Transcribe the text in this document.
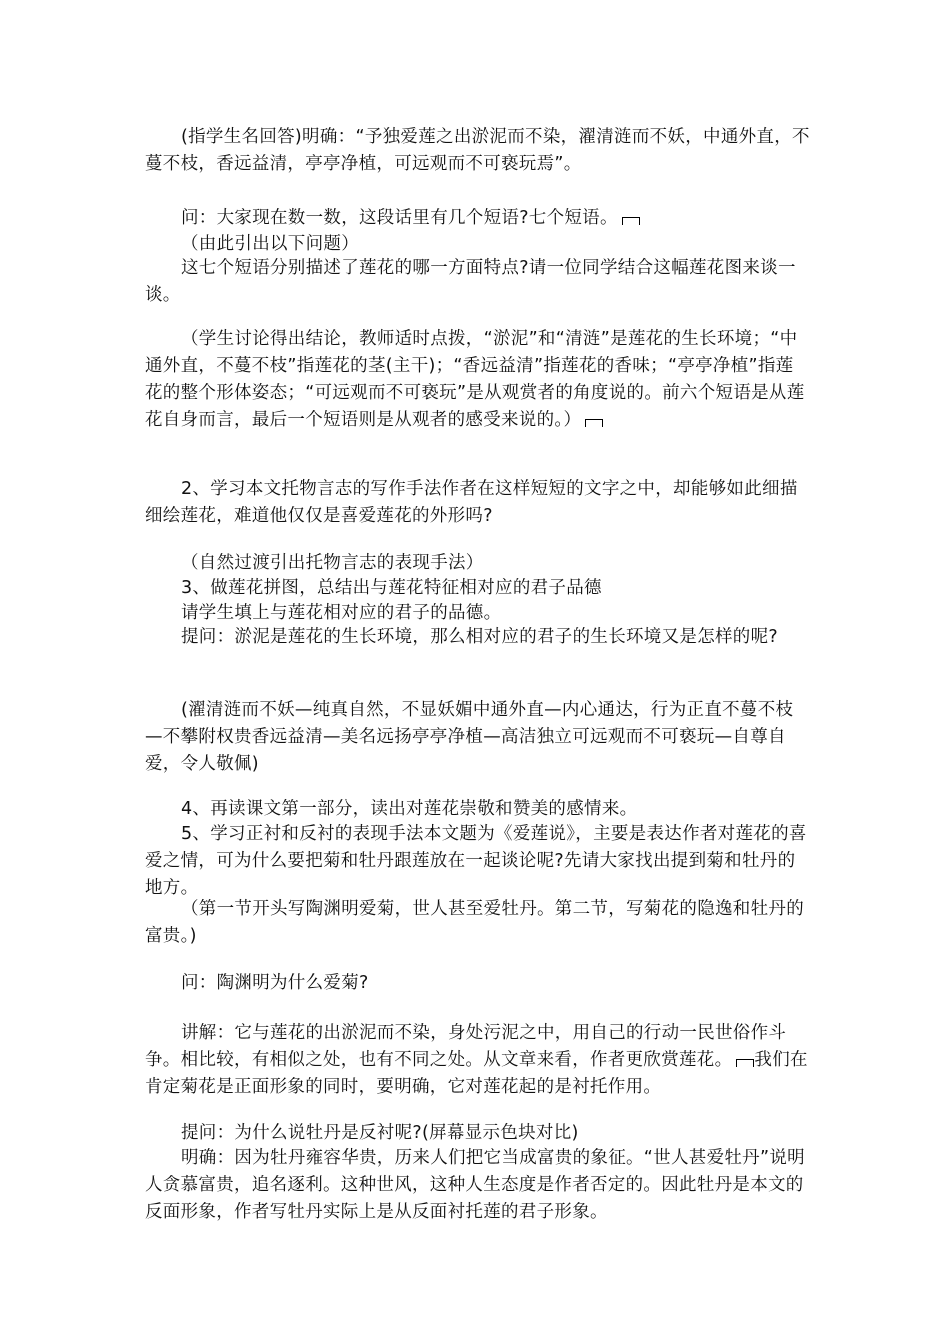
(指学生名回答)明确：“予独爱莲之出淤泥而不染，濯清涟而不妖，中通外直，不蔓不枝，香远益清，亭亭净植，可远观而不可亵玩焉”。

问：大家现在数一数，这段话里有几个短语?七个短语。

（由此引出以下问题）

这七个短语分别描述了莲花的哪一方面特点?请一位同学结合这幅莲花图来谈一谈。

（学生讨论得出结论，教师适时点拨，“淤泥”和“清涟”是莲花的生长环境；“中通外直，不蔓不枝”指莲花的茎(主干)；“香远益清”指莲花的香味；“亭亭净植”指莲花的整个形体姿态；“可远观而不可亵玩”是从观赏者的角度说的。前六个短语是从莲花自身而言，最后一个短语则是从观者的感受来说的。）

2、学习本文托物言志的写作手法作者在这样短短的文字之中，却能够如此细描细绘莲花，难道他仅仅是喜爱莲花的外形吗?

（自然过渡引出托物言志的表现手法）

3、做莲花拼图，总结出与莲花特征相对应的君子品德

请学生填上与莲花相对应的君子的品德。

提问：淤泥是莲花的生长环境，那么相对应的君子的生长环境又是怎样的呢?

(濯清涟而不妖—纯真自然，不显妖媚中通外直—内心通达，行为正直不蔓不枝—不攀附权贵香远益清—美名远扬亭亭净植—高洁独立可远观而不可亵玩—自尊自爱，令人敬佩)

4、再读课文第一部分，读出对莲花崇敬和赞美的感情来。

5、学习正衬和反衬的表现手法本文题为《爱莲说》，主要是表达作者对莲花的喜爱之情，可为什么要把菊和牡丹跟莲放在一起谈论呢?先请大家找出提到菊和牡丹的地方。

（第一节开头写陶渊明爱菊，世人甚至爱牡丹。第二节，写菊花的隐逸和牡丹的富贵。)

问：陶渊明为什么爱菊?

讲解：它与莲花的出淤泥而不染，身处污泥之中，用自己的行动一民世俗作斗争。相比较，有相似之处，也有不同之处。从文章来看，作者更欣赏莲花。 我们在肯定菊花是正面形象的同时，要明确，它对莲花起的是衬托作用。

提问：为什么说牡丹是反衬呢?(屏幕显示色块对比)

明确：因为牡丹雍容华贵，历来人们把它当成富贵的象征。“世人甚爱牡丹”说明人贪慕富贵，追名逐利。这种世风，这种人生态度是作者否定的。因此牡丹是本文的反面形象，作者写牡丹实际上是从反面衬托莲的君子形象。
